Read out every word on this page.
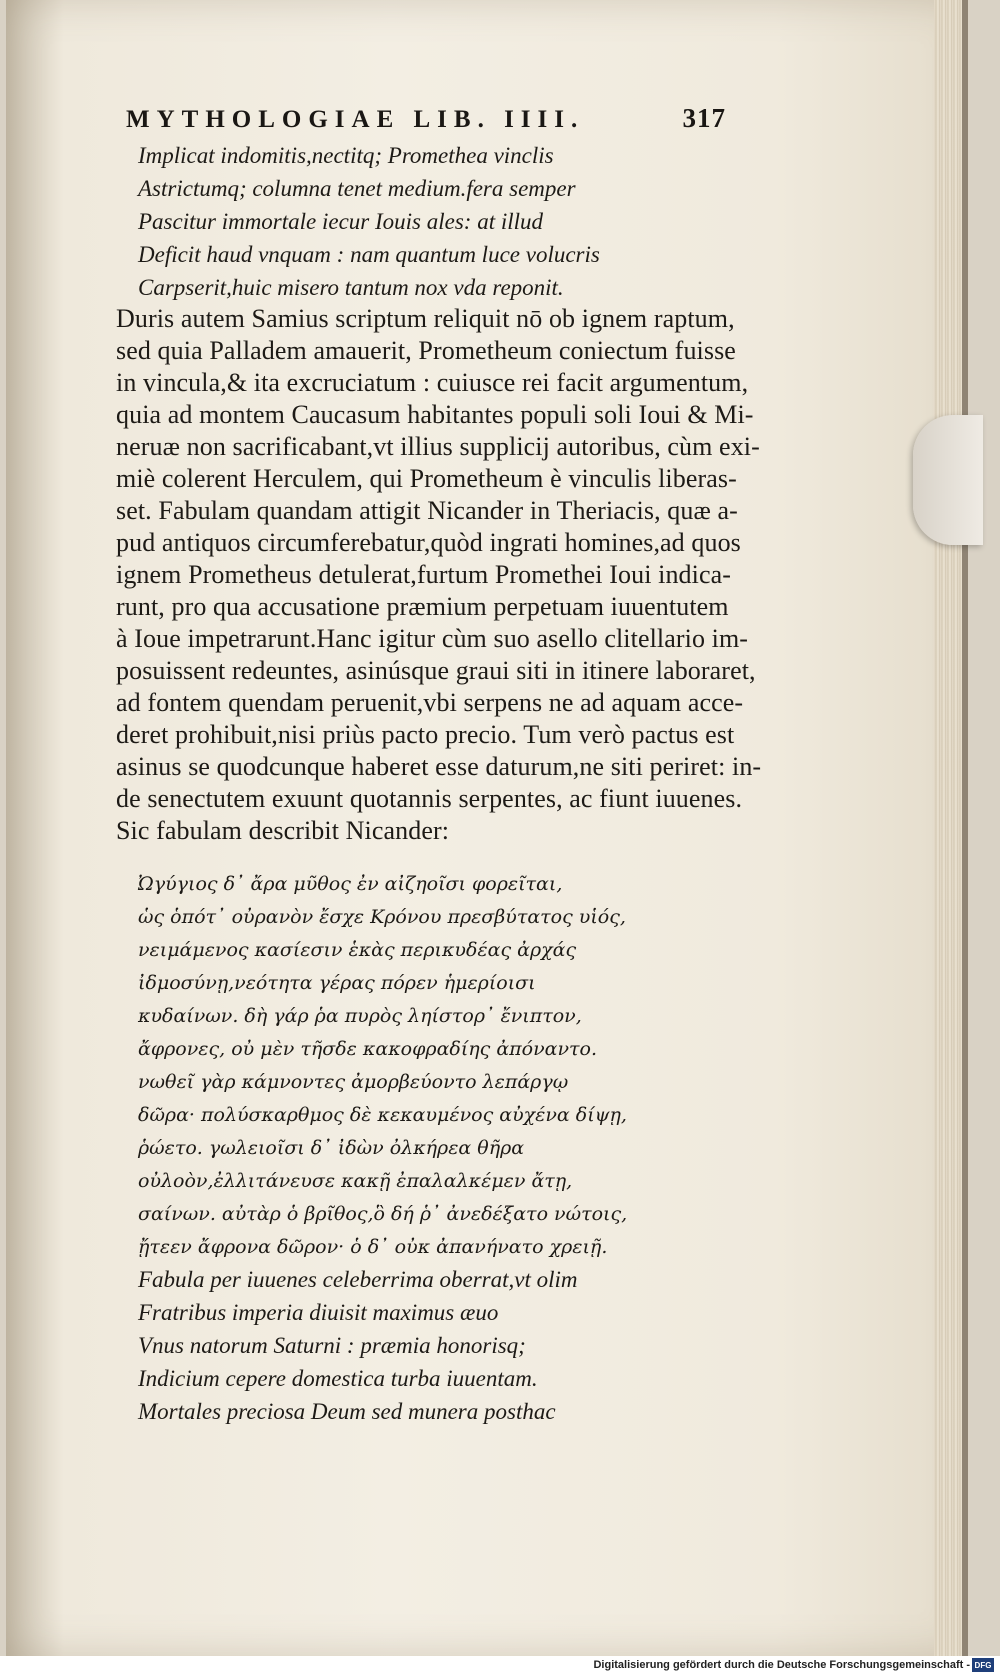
MYTHOLOGIAE LIB. IIII.	317
Implicat indomitis,nectitq; Promethea vinclis
Astrictumq; columna tenet medium.fera semper
Pascitur immortale iecur Iouis ales: at illud
Deficit haud vnquam : nam quantum luce volucris
Carpserit,huic misero tantum nox vda reponit.
Duris autem Samius scriptum reliquit nō ob ignem raptum,
sed quia Palladem amauerit, Prometheum coniectum fuisse
in vincula,& ita excruciatum : cuiusce rei facit argumentum,
quia ad montem Caucasum habitantes populi soli Ioui & Mi-
neruæ non sacrificabant,vt illius supplicij autoribus, cùm exi-
miè colerent Herculem, qui Prometheum è vinculis liberas-
set. Fabulam quandam attigit Nicander in Theriacis, quæ a-
pud antiquos circumferebatur,quòd ingrati homines,ad quos
ignem Prometheus detulerat,furtum Promethei Ioui indica-
runt, pro qua accusatione præmium perpetuam iuuentutem
à Ioue impetrarunt.Hanc igitur cùm suo asello clitellario im-
posuissent redeuntes, asinúsque graui siti in itinere laboraret,
ad fontem quendam peruenit,vbi serpens ne ad aquam acce-
deret prohibuit,nisi priùs pacto precio. Tum verò pactus est
asinus se quodcunque haberet esse daturum,ne siti periret: in-
de senectutem exuunt quotannis serpentes, ac fiunt iuuenes.
Sic fabulam describit Nicander:
Ὠγύγιος δ᾽ ἄρα μῦθος ἐν αἰζηοῖσι φορεῖται,
ὡς ὁπότ᾽ οὐρανὸν ἔσχε Κρόνου πρεσβύτατος υἱός,
νειμάμενος κασίεσιν ἑκὰς περικυδέας ἀρχάς
ἰδμοσύνῃ,νεότητα γέρας πόρεν ἡμερίοισι
κυδαίνων. δὴ γάρ ῥα πυρὸς ληίστορ᾽ ἔνιπτον,
ἄφρονες, οὐ μὲν τῆσδε κακοφραδίης ἀπόναντο.
νωθεῖ γὰρ κάμνοντες ἀμορβεύοντο λεπάργῳ
δῶρα· πολύσκαρθμος δὲ κεκαυμένος αὐχένα δίψῃ,
ῥώετο. γωλειοῖσι δ᾽ ἰδὼν ὀλκήρεα θῆρα
οὐλοὸν,ἐλλιτάνευσε κακῇ ἐπαλαλκέμεν ἄτῃ,
σαίνων. αὐτὰρ ὁ βρῖθος,ὃ δή ῥ᾽ ἀνεδέξατο νώτοις,
ᾔτεεν ἄφρονα δῶρον· ὁ δ᾽ οὐκ ἀπανήνατο χρειῇ.
Fabula per iuuenes celeberrima oberrat,vt olim
Fratribus imperia diuisit maximus æuo
Vnus natorum Saturni : præmia honorisq;
Indicium cepere domestica turba iuuentam.
Mortales preciosa Deum sed munera posthac
Digitalisierung gefördert durch die Deutsche Forschungsgemeinschaft - DFG
